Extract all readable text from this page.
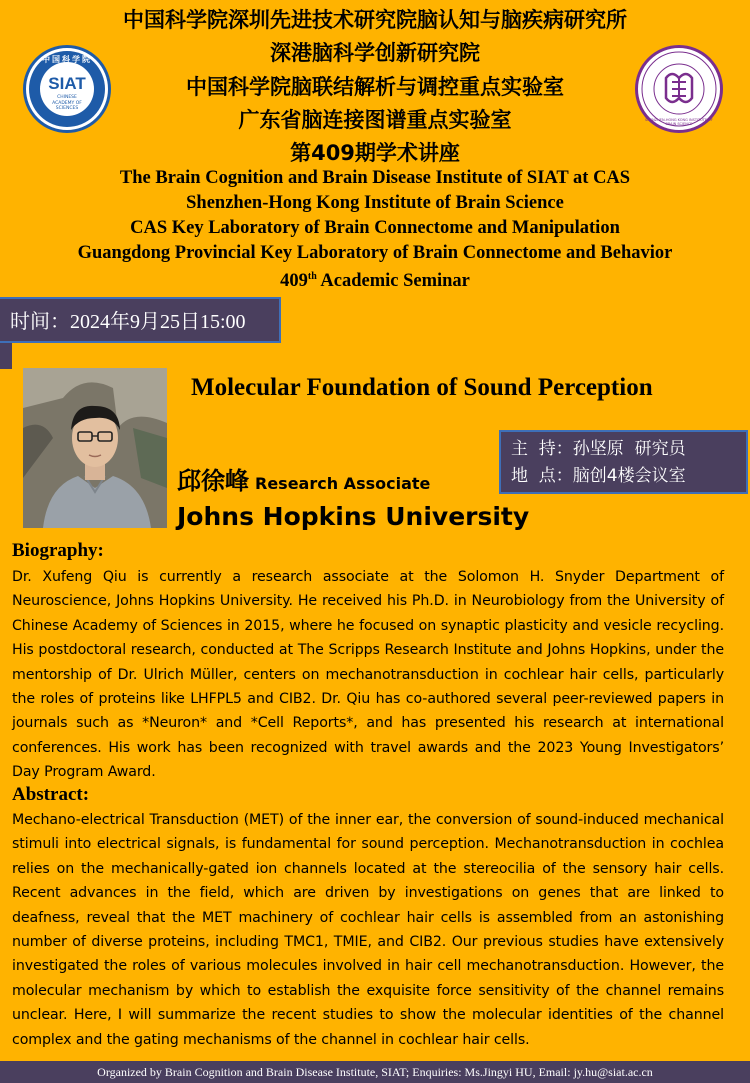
中国科学院深圳先进技术研究院脑认知与脑疾病研究所
深港脑科学创新研究院
中国科学院脑联结解析与调控重点实验室
广东省脑连接图谱重点实验室
第409期学术讲座
The Brain Cognition and Brain Disease Institute of SIAT at CAS
Shenzhen-Hong Kong Institute of Brain Science
CAS Key Laboratory of Brain Connectome and Manipulation
Guangdong Provincial Key Laboratory of Brain Connectome and Behavior
409th Academic Seminar
中国科学院
SIAT
CHINESE ACADEMY OF SCIENCES
SHENZHEN-HONG KONG INSTITUTE OF BRAIN SCIENCE
时间：2024年9月25日15:00
Molecular Foundation of Sound Perception
主  持：孙坚原  研究员
地  点：脑创4楼会议室
邱徐峰 Research Associate
Johns Hopkins University
Biography:
Dr. Xufeng Qiu is currently a research associate at the Solomon H. Snyder Department of Neuroscience, Johns Hopkins University. He received his Ph.D. in Neurobiology from the University of Chinese Academy of Sciences in 2015, where he focused on synaptic plasticity and vesicle recycling. His postdoctoral research, conducted at The Scripps Research Institute and Johns Hopkins, under the mentorship of Dr. Ulrich Müller, centers on mechanotransduction in cochlear hair cells, particularly the roles of proteins like LHFPL5 and CIB2. Dr. Qiu has co-authored several peer-reviewed papers in journals such as *Neuron* and *Cell Reports*, and has presented his research at international conferences. His work has been recognized with travel awards and the 2023 Young Investigators’ Day Program Award.
Abstract:
Mechano-electrical Transduction (MET) of the inner ear, the conversion of sound-induced mechanical stimuli into electrical signals, is fundamental for sound perception. Mechanotransduction in cochlea relies on the mechanically-gated ion channels located at the stereocilia of the sensory hair cells. Recent advances in the field, which are driven by investigations on genes that are linked to deafness, reveal that the MET machinery of cochlear hair cells is assembled from an astonishing number of diverse proteins, including TMC1, TMIE, and CIB2. Our previous studies have extensively investigated the roles of various molecules involved in hair cell mechanotransduction. However, the molecular mechanism by which to establish the exquisite force sensitivity of the channel remains unclear. Here, I will summarize the recent studies to show the molecular identities of the channel complex and the gating mechanisms of the channel in cochlear hair cells.
Organized by Brain Cognition and Brain Disease Institute, SIAT; Enquiries: Ms.Jingyi HU, Email: jy.hu@siat.ac.cn
